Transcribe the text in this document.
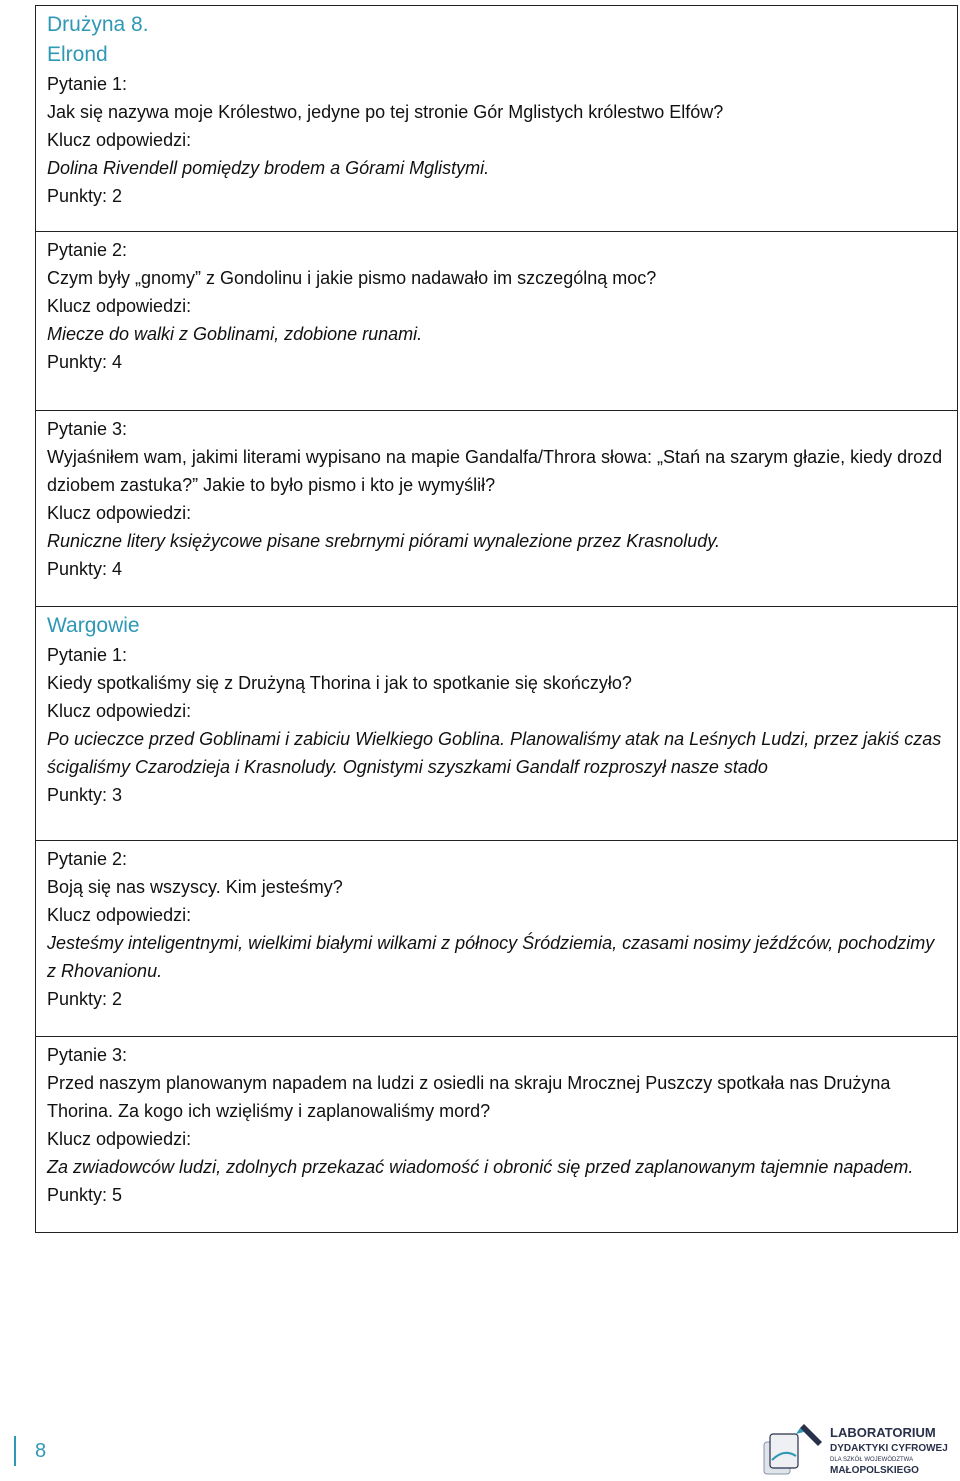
Drużyna 8.
Elrond
Pytanie 1:
Jak się nazywa moje Królestwo, jedyne po tej stronie Gór Mglistych królestwo Elfów?
Klucz odpowiedzi:
Dolina Rivendell pomiędzy brodem a Górami Mglistymi.
Punkty: 2
Pytanie 2:
Czym były „gnomy” z Gondolinu i jakie pismo nadawało im szczególną moc?
Klucz odpowiedzi:
Miecze do walki z Goblinami, zdobione runami.
Punkty: 4
Pytanie 3:
Wyjaśniłem wam, jakimi literami wypisano na mapie Gandalfa/Throra słowa: „Stań na szarym głazie, kiedy drozd dziobem zastuka?” Jakie to było pismo i kto je wymyślił?
Klucz odpowiedzi:
Runiczne litery księżycowe pisane srebrnymi piórami wynalezione przez Krasnoludy.
Punkty: 4
Wargowie
Pytanie 1:
Kiedy spotkaliśmy się z Drużyną Thorina i jak to spotkanie się skończyło?
Klucz odpowiedzi:
Po ucieczce przed Goblinami i zabiciu Wielkiego Goblina. Planowaliśmy atak na Leśnych Ludzi, przez jakiś czas ścigaliśmy Czarodzieja i Krasnoludy. Ognistymi szyszkami Gandalf rozproszył nasze stado
Punkty: 3
Pytanie 2:
Boją się nas wszyscy. Kim jesteśmy?
Klucz odpowiedzi:
Jesteśmy inteligentnymi, wielkimi białymi wilkami z północy Śródziemia, czasami nosimy jeźdźców, pochodzimy z Rhovanionu.
Punkty: 2
Pytanie 3:
Przed naszym planowanym napadem na ludzi z osiedli na skraju Mrocznej Puszczy spotkała nas Drużyna Thorina. Za kogo ich wzięliśmy i zaplanowaliśmy mord?
Klucz odpowiedzi:
Za zwiadowców ludzi, zdolnych przekazać wiadomość i obronić się przed zaplanowanym tajemnie napadem.
Punkty: 5
8
LABORATORIUM
DYDAKTYKI CYFROWEJ
DLA SZKÓŁ WOJEWÓDZTWA
MAŁOPOLSKIEGO
